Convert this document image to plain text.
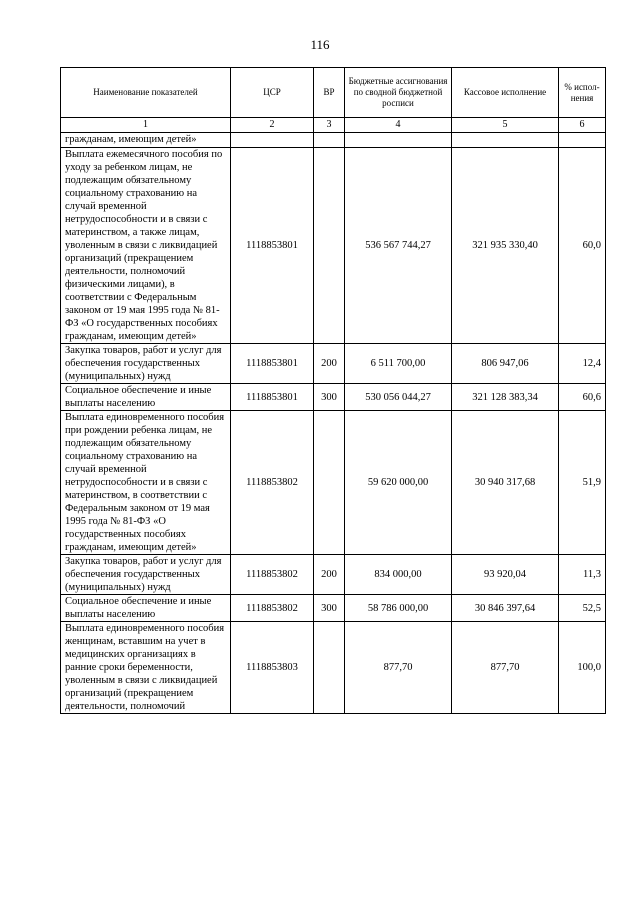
116
Наименование показателей	ЦСР	ВР	Бюджетные ассигнования по сводной бюджетной росписи	Кассовое исполнение	% испол-нения
1	2	3	4	5	6
гражданам, имеющим детей»					
Выплата ежемесячного пособия по уходу за ребенком лицам, не подлежащим обязательному социальному страхованию на случай временной нетрудоспособности и в связи с материнством, а также лицам, уволенным в связи с ликвидацией организаций (прекращением деятельности, полномочий физическими лицами), в соответствии с Федеральным законом от 19 мая 1995 года № 81-ФЗ «О государственных пособиях гражданам, имеющим детей»	1118853801		536 567 744,27	321 935 330,40	60,0
Закупка товаров, работ и услуг для обеспечения государственных (муниципальных) нужд	1118853801	200	6 511 700,00	806 947,06	12,4
Социальное обеспечение и иные выплаты населению	1118853801	300	530 056 044,27	321 128 383,34	60,6
Выплата единовременного пособия при рождении ребенка лицам, не подлежащим обязательному социальному страхованию на случай временной нетрудоспособности и в связи с материнством, в соответствии с Федеральным законом от 19 мая 1995 года № 81-ФЗ «О государственных пособиях гражданам, имеющим детей»	1118853802		59 620 000,00	30 940 317,68	51,9
Закупка товаров, работ и услуг для обеспечения государственных (муниципальных) нужд	1118853802	200	834 000,00	93 920,04	11,3
Социальное обеспечение и иные выплаты населению	1118853802	300	58 786 000,00	30 846 397,64	52,5
Выплата единовременного пособия женщинам, вставшим на учет в медицинских организациях в ранние сроки беременности, уволенным в связи с ликвидацией организаций (прекращением деятельности, полномочий	1118853803		877,70	877,70	100,0
